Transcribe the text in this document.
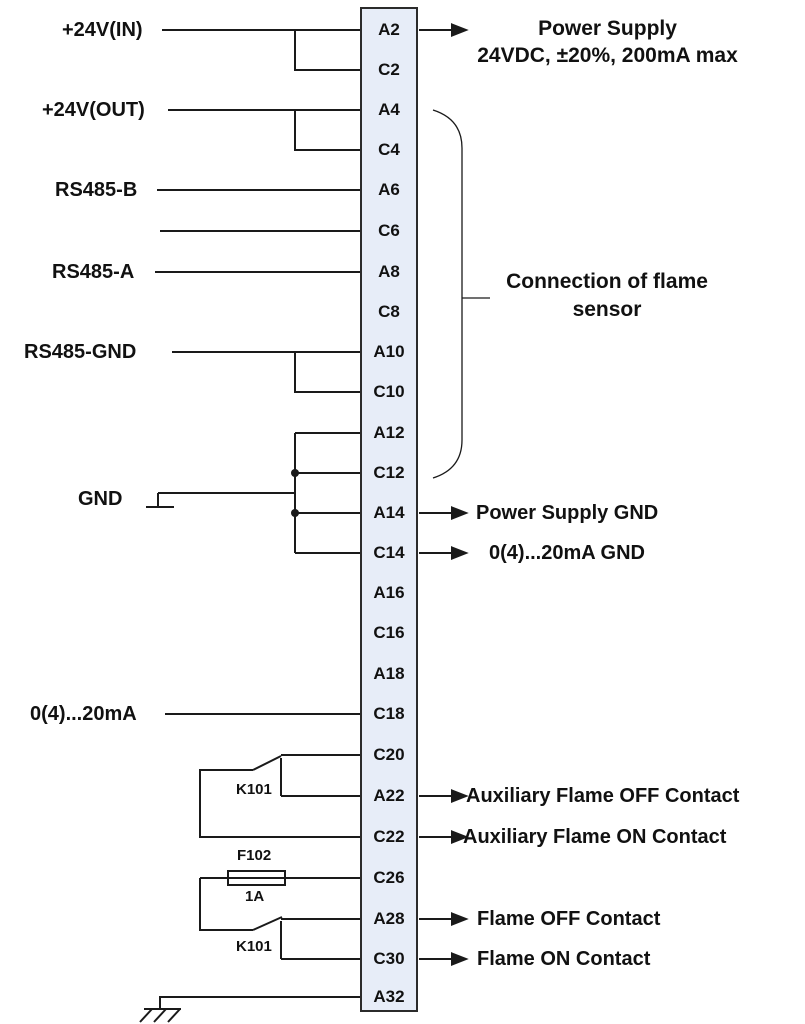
A2
C2
A4
C4
A6
C6
A8
C8
A10
C10
A12
C12
A14
C14
A16
C16
A18
C18
C20
A22
C22
C26
A28
C30
A32
+24V(IN)
+24V(OUT)
RS485-B
RS485-A
RS485-GND
GND
0(4)...20mA
Power Supply
24VDC, ±20%, 200mA max
Connection of flame
sensor
Power Supply GND
0(4)...20mA GND
Auxiliary Flame OFF Contact
Auxiliary Flame ON Contact
Flame OFF Contact
Flame ON Contact
K101
F102
1A
K101
